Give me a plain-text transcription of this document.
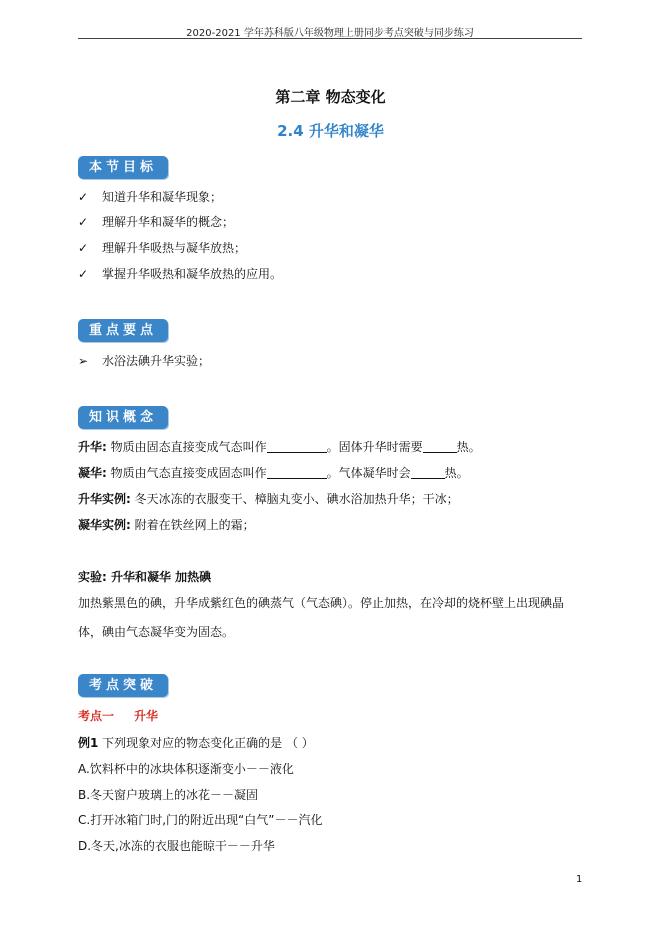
2020-2021 学年苏科版八年级物理上册同步考点突破与同步练习
第二章 物态变化
2.4 升华和凝华
本节目标
✓	知道升华和凝华现象；
✓	理解升华和凝华的概念；
✓	理解升华吸热与凝华放热；
✓	掌握升华吸热和凝华放热的应用。
重点要点
➢	水浴法碘升华实验；
知识概念
升华: 物质由固态直接变成气态叫作	。固体升华时需要	热。
凝华: 物质由气态直接变成固态叫作	。气体凝华时会	热。
升华实例: 冬天冰冻的衣服变干、樟脑丸变小、碘水浴加热升华；干冰；
凝华实例: 附着在铁丝网上的霜；
实验: 升华和凝华 加热碘
加热紫黑色的碘，升华成紫红色的碘蒸气（气态碘）。停止加热，在冷却的烧杯壁上出现碘晶体，碘由气态凝华变为固态。
考点突破
考点一 升华
例1 下列现象对应的物态变化正确的是 （ ）
A.饮料杯中的冰块体积逐渐变小－－液化
B.冬天窗户玻璃上的冰花－－凝固
C.打开冰箱门时,门的附近出现“白气”－－汽化
D.冬天,冰冻的衣服也能晾干－－升华
1
